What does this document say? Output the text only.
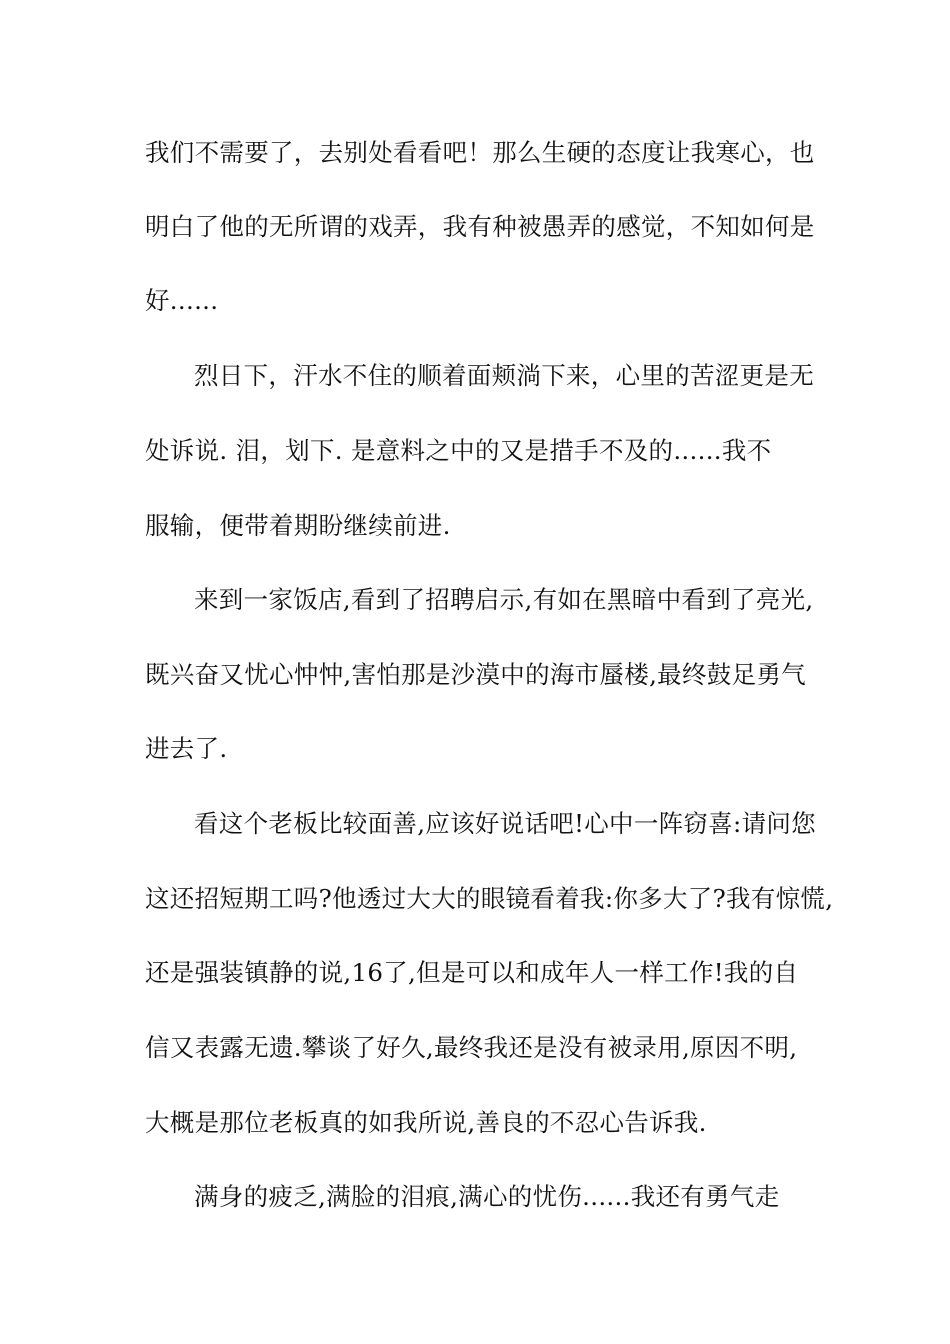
我们不需要了，去别处看看吧！那么生硬的态度让我寒心，也

明白了他的无所谓的戏弄，我有种被愚弄的感觉，不知如何是

好......

烈日下，汗水不住的顺着面颊淌下来，心里的苦涩更是无

处诉说. 泪，划下. 是意料之中的又是措手不及的......我不

服输，便带着期盼继续前进.

来到一家饭店,看到了招聘启示,有如在黑暗中看到了亮光,

既兴奋又忧心忡忡,害怕那是沙漠中的海市蜃楼,最终鼓足勇气

进去了.

看这个老板比较面善,应该好说话吧!心中一阵窃喜:请问您

这还招短期工吗?他透过大大的眼镜看着我:你多大了?我有惊慌,

还是强装镇静的说,16了,但是可以和成年人一样工作!我的自

信又表露无遗.攀谈了好久,最终我还是没有被录用,原因不明,

大概是那位老板真的如我所说,善良的不忍心告诉我.

满身的疲乏,满脸的泪痕,满心的忧伤......我还有勇气走
